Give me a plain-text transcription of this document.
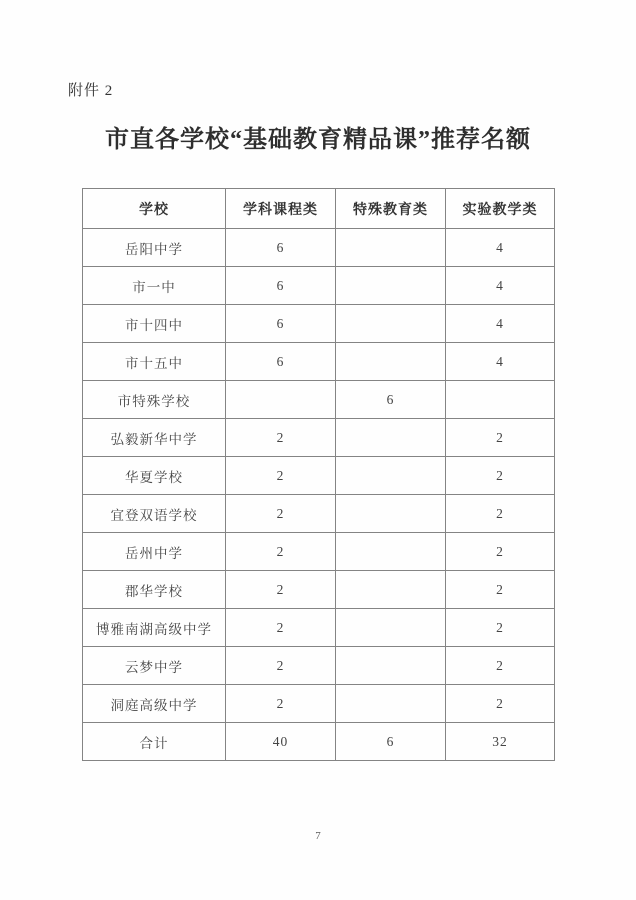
附件 2
市直各学校“基础教育精品课”推荐名额
学校	学科课程类	特殊教育类	实验教学类
岳阳中学	6		4
市一中	6		4
市十四中	6		4
市十五中	6		4
市特殊学校		6	
弘毅新华中学	2		2
华夏学校	2		2
宜登双语学校	2		2
岳州中学	2		2
郡华学校	2		2
博雅南湖高级中学	2		2
云梦中学	2		2
洞庭高级中学	2		2
合计	40	6	32
7
